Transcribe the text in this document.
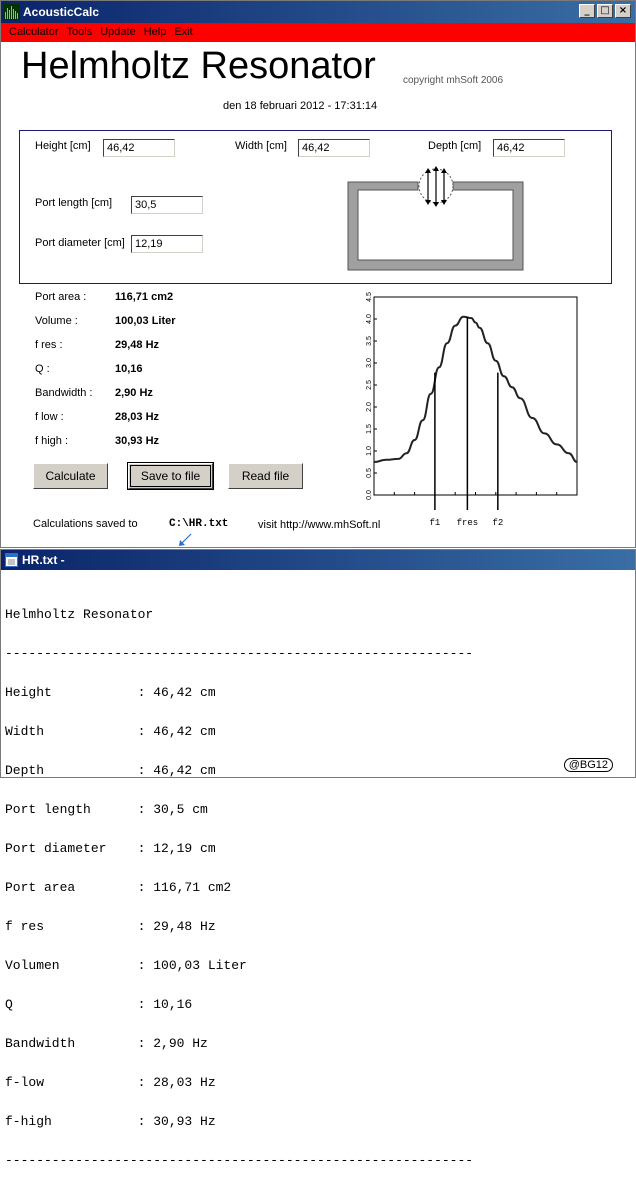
AcousticCalc	_	□ ×
Calculator Tools Update Help Exit
Helmholtz Resonator	copyright mhSoft 2006
den 18 februari 2012 - 17:31:14
Height [cm]	46,42	Width [cm]	46,42	Depth [cm]	46,42
Port length [cm]	30,5
Port diameter [cm] 12,19
Port area :	116,71 cm2
Volume :	100,03 Liter
f res :	29,48 Hz
Q :	10,16
Bandwidth : 2,90 Hz
f low :	28,03 Hz
f high :	30,93 Hz
0.0
0.5
1.0
1.5
2.0
2.5
3.0
3.5
4.0
4.5
f1 fres f2
Calculate	Save to file	Read file
Calculations saved to	C:\HR.txt	visit http://www.mhSoft.nl
HR.txt -

Helmholtz Resonator

------------------------------------------------------------

Height           : 46,42 cm

Width            : 46,42 cm

Depth            : 46,42 cm

Port length      : 30,5 cm

Port diameter    : 12,19 cm

Port area        : 116,71 cm2

f res            : 29,48 Hz

Volumen          : 100,03 Liter

Q                : 10,16

Bandwidth        : 2,90 Hz

f-low            : 28,03 Hz

f-high           : 30,93 Hz

------------------------------------------------------------

@BG12
